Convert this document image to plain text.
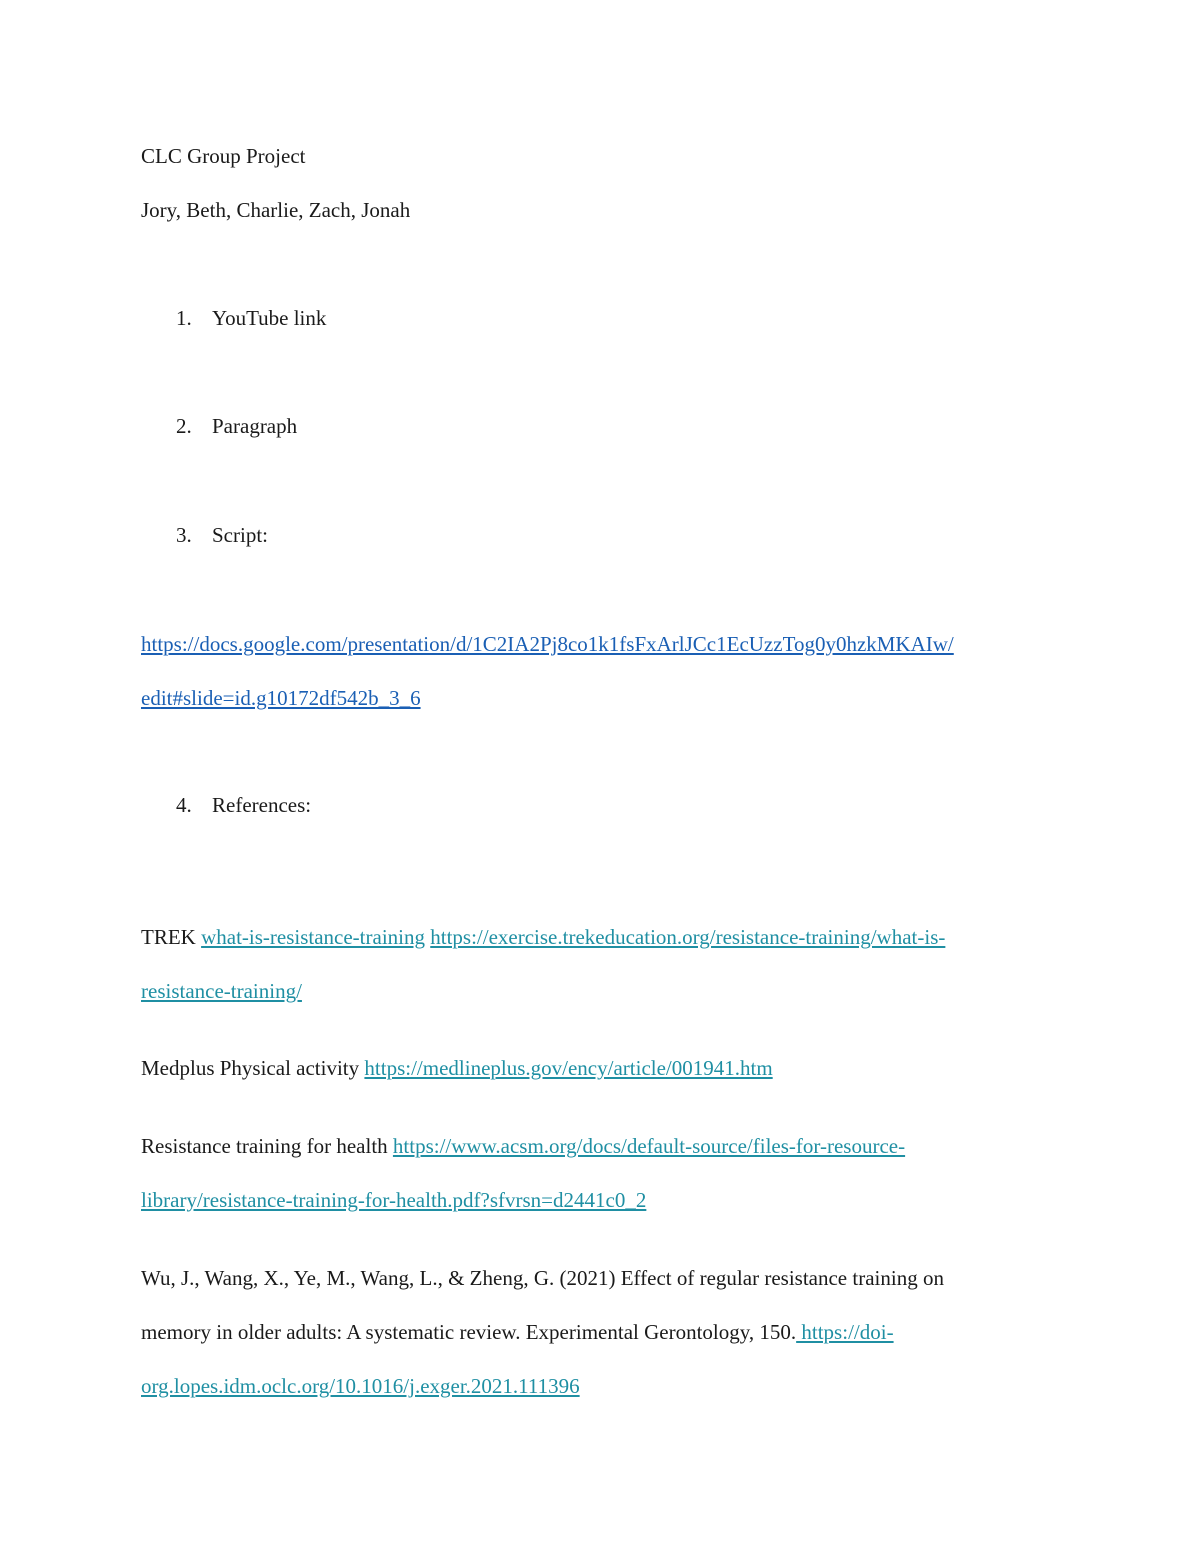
CLC Group Project
Jory, Beth, Charlie, Zach, Jonah
1. YouTube link
2. Paragraph
3. Script:
https://docs.google.com/presentation/d/1C2IA2Pj8co1k1fsFxArlJCc1EcUzzTog0y0hzkMKAIw/
edit#slide=id.g10172df542b_3_6
4. References:
TREK what-is-resistance-training https://exercise.trekeducation.org/resistance-training/what-is-
resistance-training/
Medplus Physical activity https://medlineplus.gov/ency/article/001941.htm
Resistance training for health https://www.acsm.org/docs/default-source/files-for-resource-
library/resistance-training-for-health.pdf?sfvrsn=d2441c0_2
Wu, J., Wang, X., Ye, M., Wang, L., & Zheng, G. (2021) Effect of regular resistance training on
memory in older adults: A systematic review. Experimental Gerontology, 150. https://doi-
org.lopes.idm.oclc.org/10.1016/j.exger.2021.111396
